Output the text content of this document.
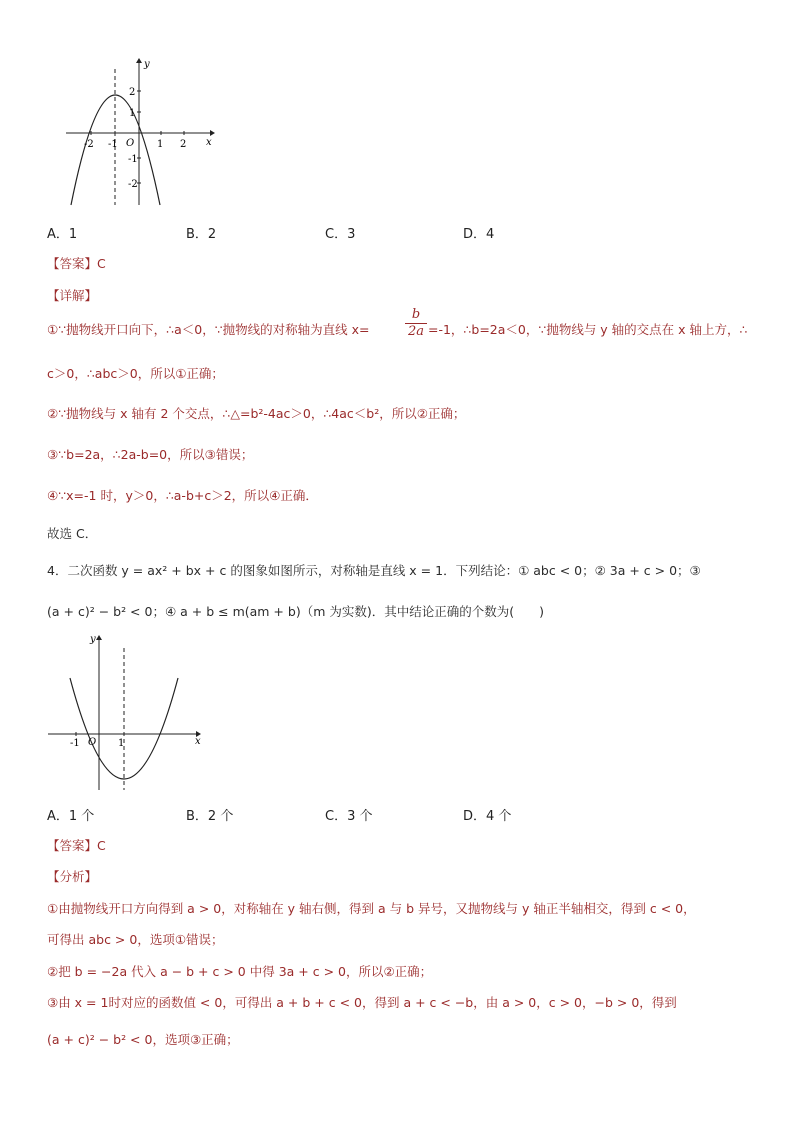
y
x
O
-2 -1	1 2
2
1
-1
-2
A．1	B．2	C．3	D．4
【答案】C
【详解】
①∵抛物线开口向下，∴a＜0，∵抛物线的对称轴为直线 x=	$\frac{b}{2a} =-1$，∴b=2a＜0，∵抛物线与 y 轴的交点在 x 轴上方，∴
c＞0，∴abc＞0，所以①正确；
②∵抛物线与 x 轴有 2 个交点，∴△=b²-4ac＞0，∴4ac＜b²，所以②正确；
③∵b=2a，∴2a-b=0，所以③错误；
④∵x=-1 时，y＞0，∴a-b+c＞2，所以④正确．
故选 C．
4．二次函数 y = ax² + bx + c 的图象如图所示，对称轴是直线 x = 1．下列结论：① abc < 0；② 3a + c > 0；③
(a + c)² − b² < 0；④ a + b ≤ m(am + b)（m 为实数)．其中结论正确的个数为(　　)
y
x
O
-1	1
A．1 个	B．2 个	C．3 个	D．4 个
【答案】C
【分析】
①由抛物线开口方向得到 a > 0，对称轴在 y 轴右侧，得到 a 与 b 异号，又抛物线与 y 轴正半轴相交，得到 c < 0，
可得出 abc > 0，选项①错误；
②把 b = −2a 代入 a − b + c > 0 中得 3a + c > 0，所以②正确；
③由 x = 1时对应的函数值 < 0，可得出 a + b + c < 0，得到 a + c < −b，由 a > 0，c > 0，−b > 0，得到
(a + c)² − b² < 0，选项③正确；
